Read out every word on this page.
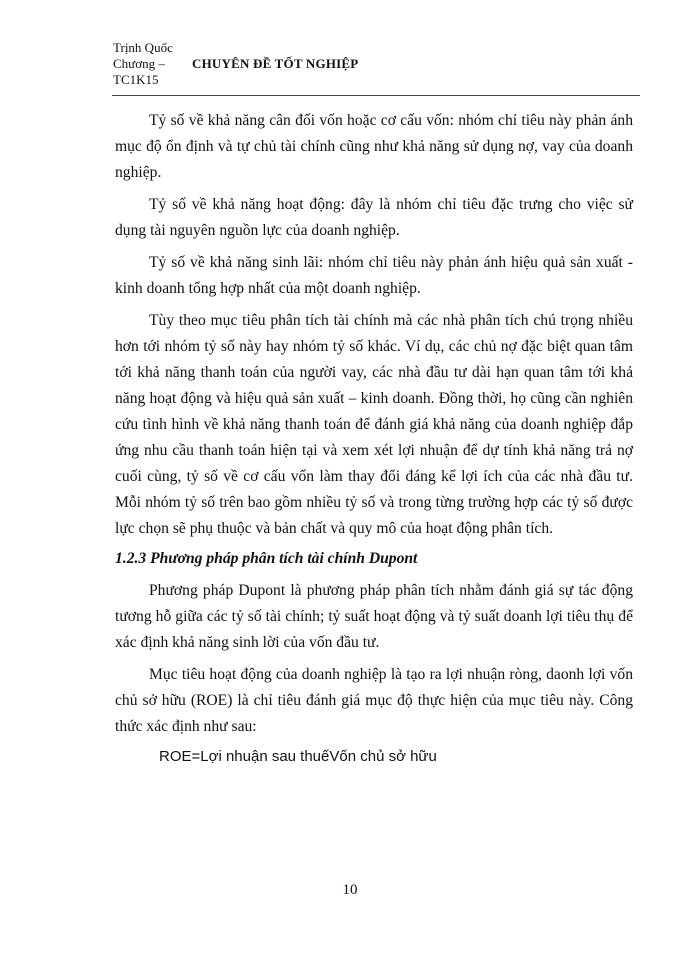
Trịnh Quốc
Chương –
TC1K15
CHUYÊN ĐỀ TỐT NGHIỆP

Tỷ số về khả năng cân đối vốn hoặc cơ cấu vốn: nhóm chỉ tiêu này phản ánh mục độ ổn định và tự chủ tài chính cũng như khả năng sử dụng nợ, vay của doanh nghiệp.

Tỷ số về khả năng hoạt động: đây là nhóm chỉ tiêu đặc trưng cho việc sử dụng tài nguyên nguồn lực của doanh nghiệp.

Tỷ số về khả năng sinh lãi: nhóm chỉ tiêu này phản ánh hiệu quả sản xuất - kinh doanh tổng hợp nhất của một doanh nghiệp.

Tùy theo mục tiêu phân tích tài chính mà các nhà phân tích chú trọng nhiều hơn tới nhóm tỷ số này hay nhóm tỷ số khác. Ví dụ, các chủ nợ đặc biệt quan tâm tới khả năng thanh toán của người vay, các nhà đầu tư dài hạn quan tâm tới khả năng hoạt động và hiệu quả sản xuất – kinh doanh. Đồng thời, họ cũng cần nghiên cứu tình hình về khả năng thanh toán để đánh giá khả năng của doanh nghiệp đắp ứng nhu cầu thanh toán hiện tại và xem xét lợi nhuận để dự tính khả năng trả nợ cuối cùng, tỷ số về cơ cấu vốn làm thay đổi đáng kể lợi ích của các nhà đầu tư. Mỗi nhóm tỷ số trên bao gồm nhiều tỷ số và trong từng trường hợp các tỷ số được lực chọn sẽ phụ thuộc và bản chất và quy mô của hoạt động phân tích.

1.2.3 Phương pháp phân tích tài chính Dupont

Phương pháp Dupont là phương pháp phân tích nhằm đánh giá sự tác động tương hỗ giữa các tỷ số tài chính; tỷ suất hoạt động và tỷ suất doanh lợi tiêu thụ để xác định khả năng sinh lời của vốn đầu tư.

Mục tiêu hoạt động của doanh nghiệp là tạo ra lợi nhuận ròng, daonh lợi vốn chủ sở hữu (ROE) là chỉ tiêu đánh giá mục độ thực hiện của mục tiêu này. Công thức xác định như sau:

ROE=Lợi nhuận sau thuếVốn chủ sở hữu

10
